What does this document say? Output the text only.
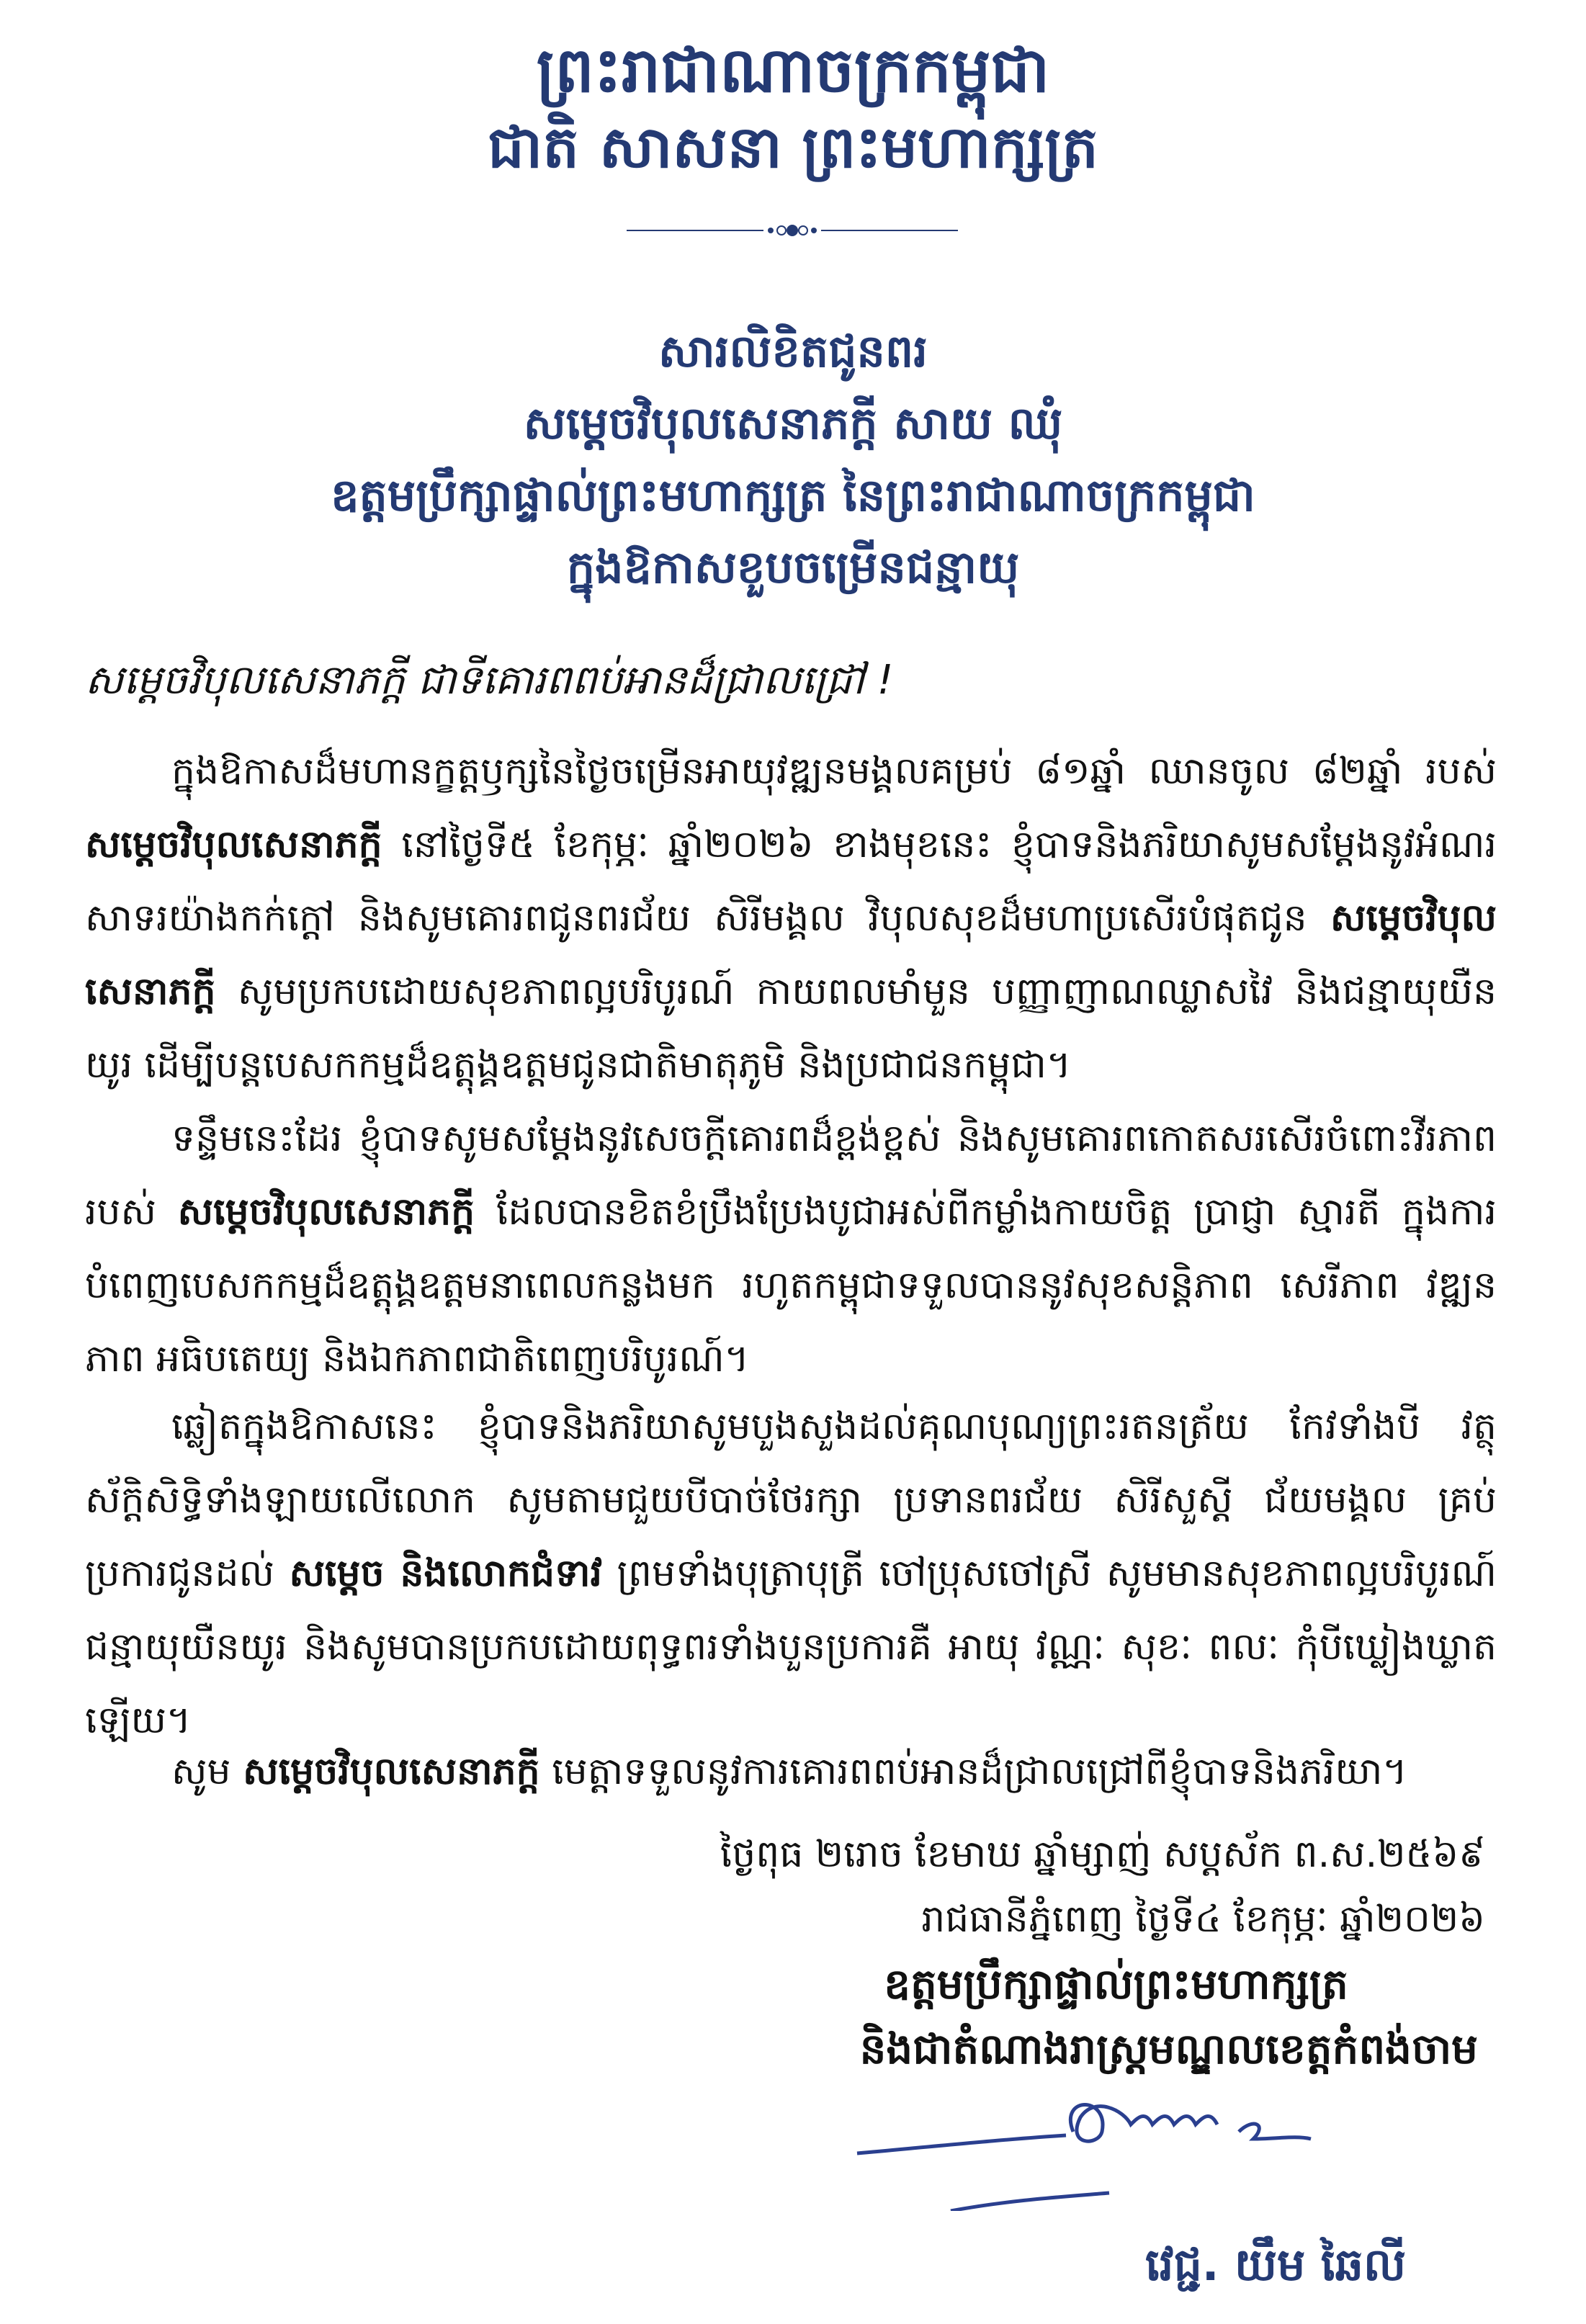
ព្រះរាជាណាចក្រកម្ពុជា
ជាតិ សាសនា ព្រះមហាក្សត្រ
សារលិខិតជូនពរ
សម្តេចវិបុលសេនាភក្តី សាយ ឈុំ
ឧត្តមប្រឹក្សាផ្ទាល់ព្រះមហាក្សត្រ នៃព្រះរាជាណាចក្រកម្ពុជា
ក្នុងឱកាសខួបចម្រើនជន្មាយុ
សម្តេចវិបុលសេនាភក្តី ជាទីគោរពពប់អានដ៏ជ្រាលជ្រៅ !
ក្នុងឱកាសដ៏មហានក្ខត្តឫក្សនៃថ្ងៃចម្រើនអាយុវឌ្ឍនមង្គលគម្រប់ ៨១ឆ្នាំ ឈានចូល ៨២ឆ្នាំ របស់ សម្តេចវិបុលសេនាភក្តី នៅថ្ងៃទី៥ ខែកុម្ភៈ ឆ្នាំ២០២៦ ខាងមុខនេះ ខ្ញុំបាទនិងភរិយាសូមសម្តែងនូវអំណរសាទរយ៉ាងកក់ក្តៅ និងសូមគោរពជូនពរជ័យ សិរីមង្គល វិបុលសុខដ៏មហាប្រសើរបំផុតជូន សម្តេចវិបុលសេនាភក្តី សូមប្រកបដោយសុខភាពល្អបរិបូរណ៍ កាយពលមាំមួន បញ្ញាញាណឈ្លាសវៃ និងជន្មាយុយឺនយូរ ដើម្បីបន្តបេសកកម្មដ៏ឧត្តុង្គឧត្តមជូនជាតិមាតុភូមិ និងប្រជាជនកម្ពុជា។
ទន្ទឹមនេះដែរ ខ្ញុំបាទសូមសម្តែងនូវសេចក្តីគោរពដ៏ខ្ពង់ខ្ពស់ និងសូមគោរពកោតសរសើរចំពោះវីរភាពរបស់ សម្តេចវិបុលសេនាភក្តី ដែលបានខិតខំប្រឹងប្រែងបូជាអស់ពីកម្លាំងកាយចិត្ត ប្រាជ្ញា ស្មារតី ក្នុងការបំពេញបេសកកម្មដ៏ឧត្តុង្គឧត្តមនាពេលកន្លងមក រហូតកម្ពុជាទទួលបាននូវសុខសន្តិភាព សេរីភាព វឌ្ឍនភាព អធិបតេយ្យ និងឯកភាពជាតិពេញបរិបូរណ៍។
ឆ្លៀតក្នុងឱកាសនេះ ខ្ញុំបាទនិងភរិយាសូមបួងសួងដល់គុណបុណ្យព្រះរតនត្រ័យ កែវទាំងបី វត្ថុស័ក្តិសិទ្ធិទាំងឡាយលើលោក សូមតាមជួយបីបាច់ថែរក្សា ប្រទានពរជ័យ សិរីសួស្តី ជ័យមង្គល គ្រប់ប្រការជូនដល់ សម្តេច និងលោកជំទាវ ព្រមទាំងបុត្រាបុត្រី ចៅប្រុសចៅស្រី សូមមានសុខភាពល្អបរិបូរណ៍ ជន្មាយុយឺនយូរ និងសូមបានប្រកបដោយពុទ្ធពរទាំងបួនប្រការគឺ អាយុ វណ្ណៈ សុខៈ ពលៈ កុំបីឃ្លៀងឃ្លាតឡើយ។
សូម សម្តេចវិបុលសេនាភក្តី មេត្តាទទួលនូវការគោរពពប់អានដ៏ជ្រាលជ្រៅពីខ្ញុំបាទនិងភរិយា។
ថ្ងៃពុធ ២រោច ខែមាឃ ឆ្នាំម្សាញ់ សប្តស័ក ព.ស.២៥៦៩
រាជធានីភ្នំពេញ ថ្ងៃទី៤ ខែកុម្ភៈ ឆ្នាំ២០២៦
ឧត្តមប្រឹក្សាផ្ទាល់ព្រះមហាក្សត្រ
និងជាតំណាងរាស្ត្រមណ្ឌលខេត្តកំពង់ចាម
វេជ្ជ. យឹម ឆៃលី
